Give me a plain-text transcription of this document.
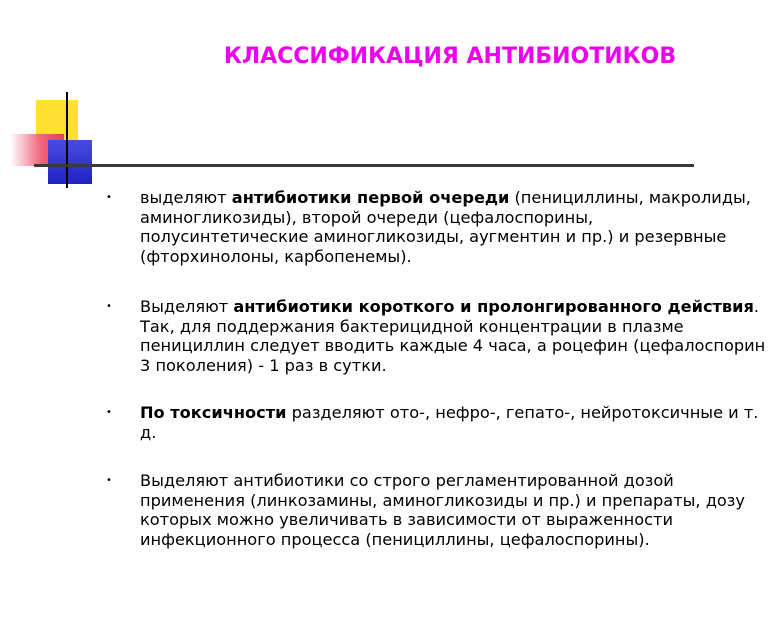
КЛАССИФИКАЦИЯ АНТИБИОТИКОВ
• выделяют антибиотики первой очереди (пенициллины, макролиды, аминогликозиды), второй очереди (цефалоспорины, полусинтетические аминогликозиды, аугментин и пр.) и резервные (фторхинолоны, карбопенемы).
• Выделяют антибиотики короткого и пролонгированного действия. Так, для поддержания бактерицидной концентрации в плазме пенициллин следует вводить каждые 4 часа, а роцефин (цефалоспорин 3 поколения) - 1 раз в сутки.
• По токсичности разделяют ото-, нефро-, гепато-, нейротоксичные и т. д.
• Выделяют антибиотики со строго регламентированной дозой применения (линкозамины, аминогликозиды и пр.) и препараты, дозу которых можно увеличивать в зависимости от выраженности инфекционного процесса (пенициллины, цефалоспорины).
